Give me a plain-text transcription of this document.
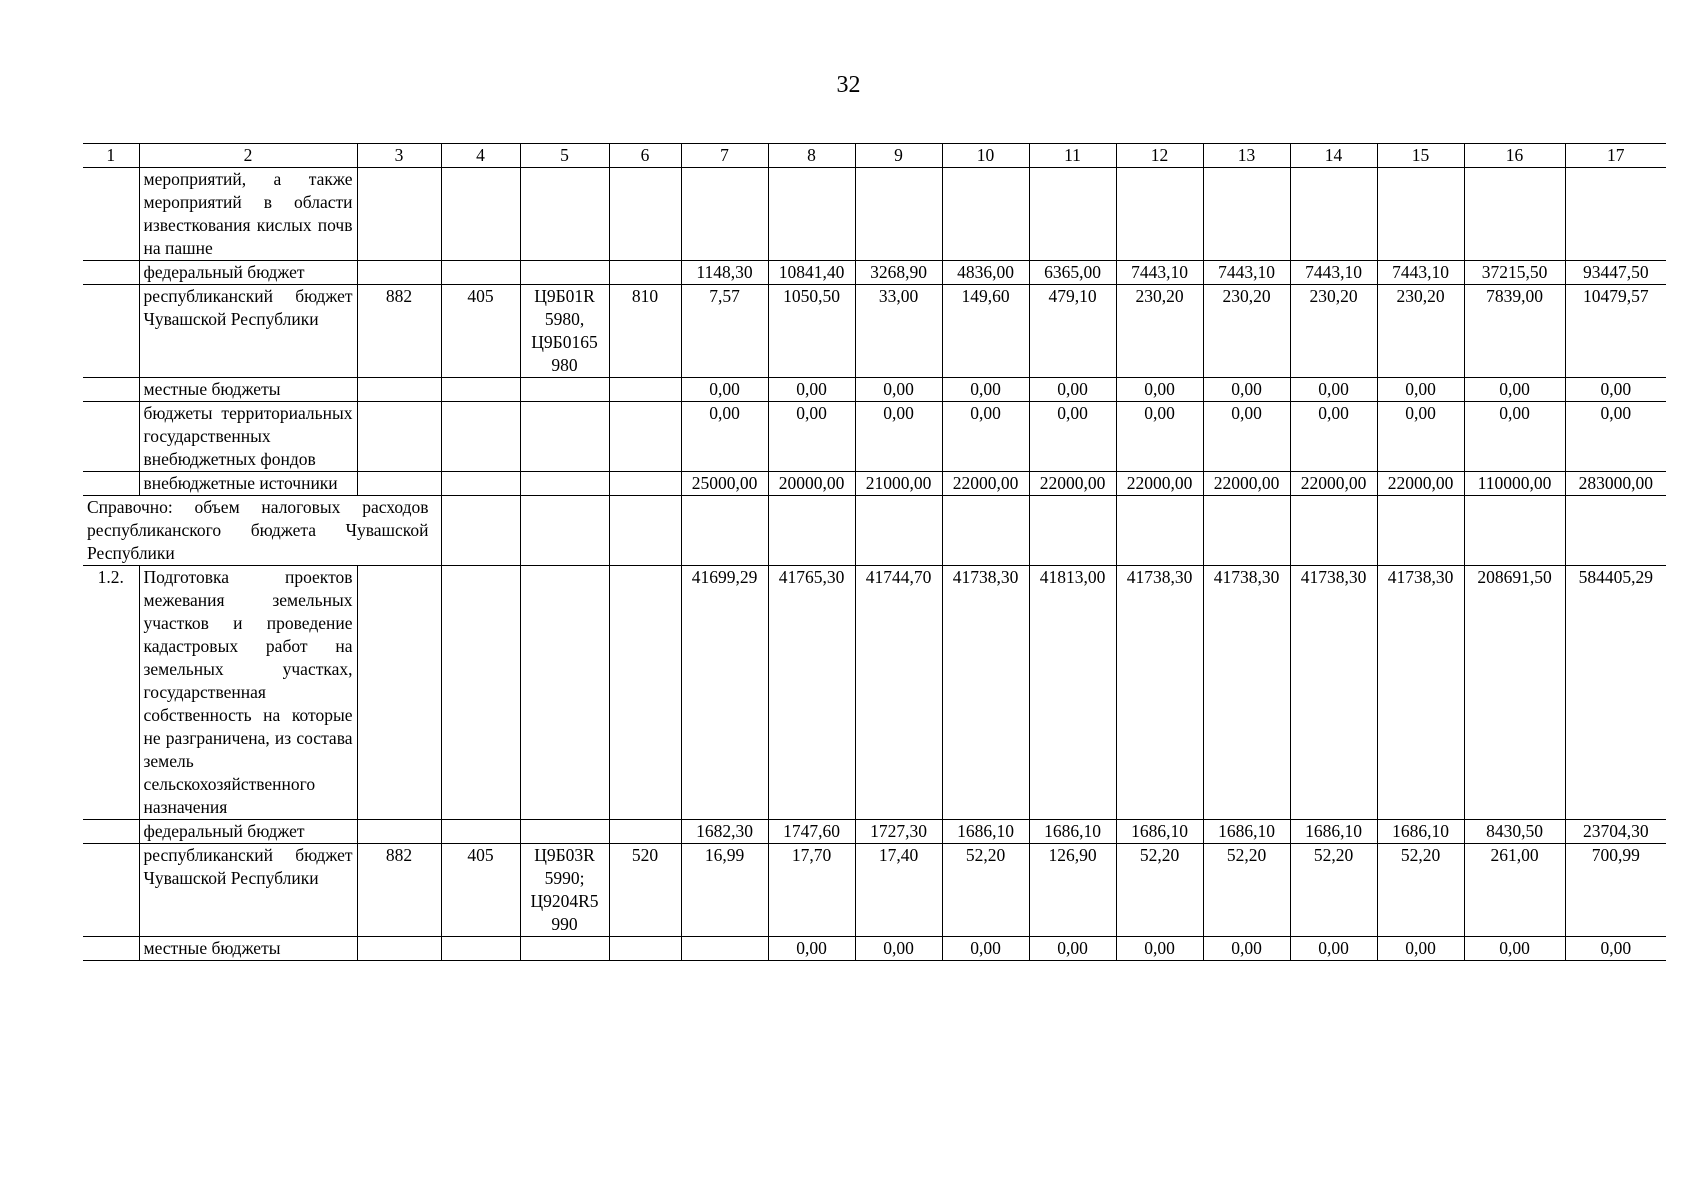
32
1	2	3	4	5	6	7	8	9	10	11	12	13	14	15	16	17
	мероприятий, а также мероприятий в области известкования кислых почв на пашне															
	федеральный бюджет					1148,30	10841,40	3268,90	4836,00	6365,00	7443,10	7443,10	7443,10	7443,10	37215,50	93447,50
	республиканский бюджет Чувашской Республики	882	405	Ц9Б01R 5980, Ц9Б0165 980	810	7,57	1050,50	33,00	149,60	479,10	230,20	230,20	230,20	230,20	7839,00	10479,57
	местные бюджеты					0,00	0,00	0,00	0,00	0,00	0,00	0,00	0,00	0,00	0,00	0,00
	бюджеты территориальных государственных внебюджетных фондов					0,00	0,00	0,00	0,00	0,00	0,00	0,00	0,00	0,00	0,00	0,00
	внебюджетные источники					25000,00	20000,00	21000,00	22000,00	22000,00	22000,00	22000,00	22000,00	22000,00	110000,00	283000,00
Справочно: объем налоговых расходов республиканского бюджета Чувашской Республики																
1.2.	Подготовка проектов межевания земельных участков и проведение кадастровых работ на земельных участках, государственная собственность на которые не разграничена, из состава земель сельскохозяйственного назначения					41699,29	41765,30	41744,70	41738,30	41813,00	41738,30	41738,30	41738,30	41738,30	208691,50	584405,29
	федеральный бюджет					1682,30	1747,60	1727,30	1686,10	1686,10	1686,10	1686,10	1686,10	1686,10	8430,50	23704,30
	республиканский бюджет Чувашской Республики	882	405	Ц9Б03R 5990; Ц9204R5 990	520	16,99	17,70	17,40	52,20	126,90	52,20	52,20	52,20	52,20	261,00	700,99
	местные бюджеты						0,00	0,00	0,00	0,00	0,00	0,00	0,00	0,00	0,00	0,00
